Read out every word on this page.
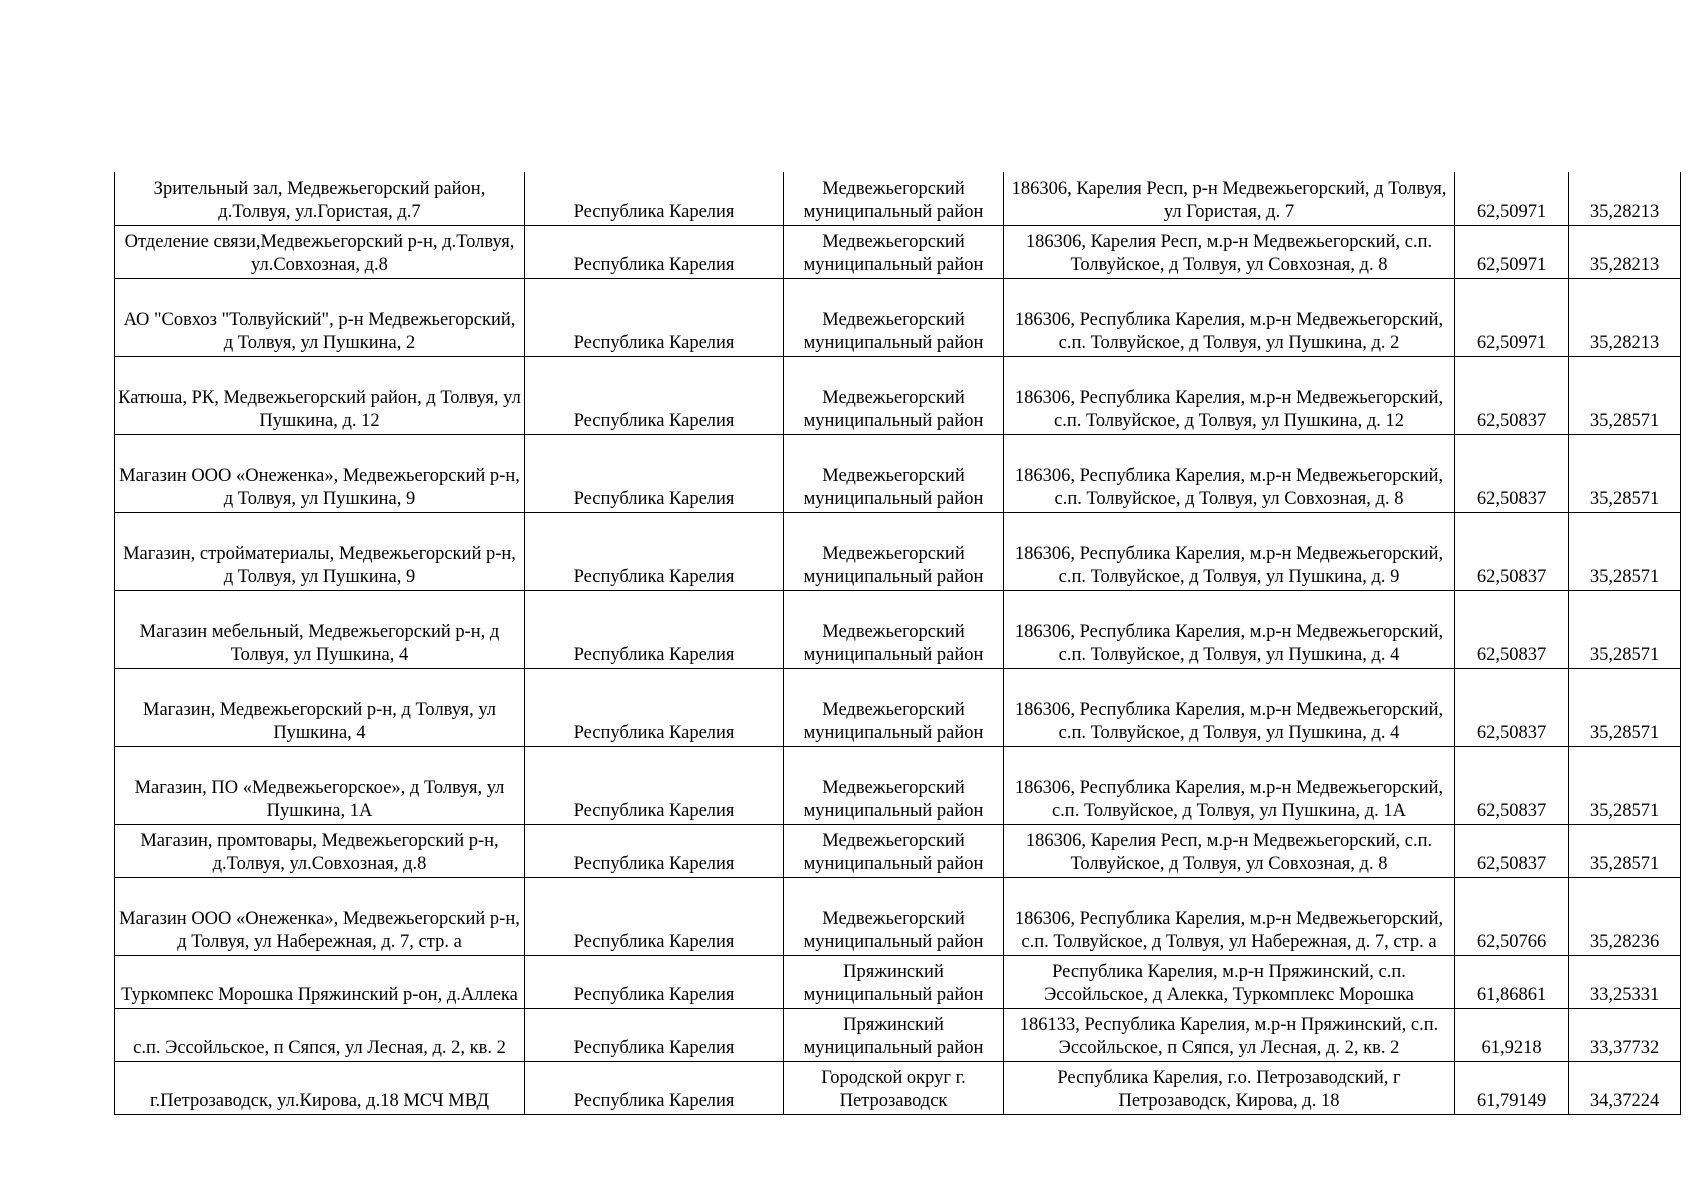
Зрительный зал, Медвежьегорский район, д.Толвуя, ул.Гористая, д.7	Республика Карелия	Медвежьегорский муниципальный район	186306, Карелия Респ, р-н Медвежьегорский, д Толвуя, ул Гористая, д. 7	62,50971	35,28213
Отделение связи,Медвежьегорский р-н, д.Толвуя, ул.Совхозная, д.8	Республика Карелия	Медвежьегорский муниципальный район	186306, Карелия Респ, м.р-н Медвежьегорский, с.п. Толвуйское, д Толвуя, ул Совхозная, д. 8	62,50971	35,28213
АО "Совхоз "Толвуйский", р-н Медвежьегорский, д Толвуя, ул Пушкина, 2	Республика Карелия	Медвежьегорский муниципальный район	186306, Республика Карелия, м.р-н Медвежьегорский, с.п. Толвуйское, д Толвуя, ул Пушкина, д. 2	62,50971	35,28213
Катюша, РК, Медвежьегорский район, д Толвуя, ул Пушкина, д. 12	Республика Карелия	Медвежьегорский муниципальный район	186306, Республика Карелия, м.р-н Медвежьегорский, с.п. Толвуйское, д Толвуя, ул Пушкина, д. 12	62,50837	35,28571
Магазин ООО «Онеженка», Медвежьегорский р-н, д Толвуя, ул Пушкина, 9	Республика Карелия	Медвежьегорский муниципальный район	186306, Республика Карелия, м.р-н Медвежьегорский, с.п. Толвуйское, д Толвуя, ул Совхозная, д. 8	62,50837	35,28571
Магазин, стройматериалы, Медвежьегорский р-н, д Толвуя, ул Пушкина, 9	Республика Карелия	Медвежьегорский муниципальный район	186306, Республика Карелия, м.р-н Медвежьегорский, с.п. Толвуйское, д Толвуя, ул Пушкина, д. 9	62,50837	35,28571
Магазин мебельный, Медвежьегорский р-н, д Толвуя, ул Пушкина, 4	Республика Карелия	Медвежьегорский муниципальный район	186306, Республика Карелия, м.р-н Медвежьегорский, с.п. Толвуйское, д Толвуя, ул Пушкина, д. 4	62,50837	35,28571
Магазин, Медвежьегорский р-н, д Толвуя, ул Пушкина, 4	Республика Карелия	Медвежьегорский муниципальный район	186306, Республика Карелия, м.р-н Медвежьегорский, с.п. Толвуйское, д Толвуя, ул Пушкина, д. 4	62,50837	35,28571
Магазин, ПО «Медвежьегорское», д Толвуя, ул Пушкина, 1А	Республика Карелия	Медвежьегорский муниципальный район	186306, Республика Карелия, м.р-н Медвежьегорский, с.п. Толвуйское, д Толвуя, ул Пушкина, д. 1А	62,50837	35,28571
Магазин, промтовары, Медвежьегорский р-н, д.Толвуя, ул.Совхозная, д.8	Республика Карелия	Медвежьегорский муниципальный район	186306, Карелия Респ, м.р-н Медвежьегорский, с.п. Толвуйское, д Толвуя, ул Совхозная, д. 8	62,50837	35,28571
Магазин ООО «Онеженка», Медвежьегорский р-н, д Толвуя, ул Набережная, д. 7, стр. а	Республика Карелия	Медвежьегорский муниципальный район	186306, Республика Карелия, м.р-н Медвежьегорский, с.п. Толвуйское, д Толвуя, ул Набережная, д. 7, стр. а	62,50766	35,28236
Туркомпекс Морошка Пряжинский р-он, д.Аллека	Республика Карелия	Пряжинский муниципальный район	Республика Карелия, м.р-н Пряжинский, с.п. Эссойльское, д Алекка, Туркомплекс Морошка	61,86861	33,25331
с.п. Эссойльское, п Сяпся, ул Лесная, д. 2, кв. 2	Республика Карелия	Пряжинский муниципальный район	186133, Республика Карелия, м.р-н Пряжинский, с.п. Эссойльское, п Сяпся, ул Лесная, д. 2, кв. 2	61,9218	33,37732
г.Петрозаводск, ул.Кирова, д.18 МСЧ МВД	Республика Карелия	Городской округ г. Петрозаводск	Республика Карелия, г.о. Петрозаводский, г Петрозаводск, Кирова, д. 18	61,79149	34,37224
